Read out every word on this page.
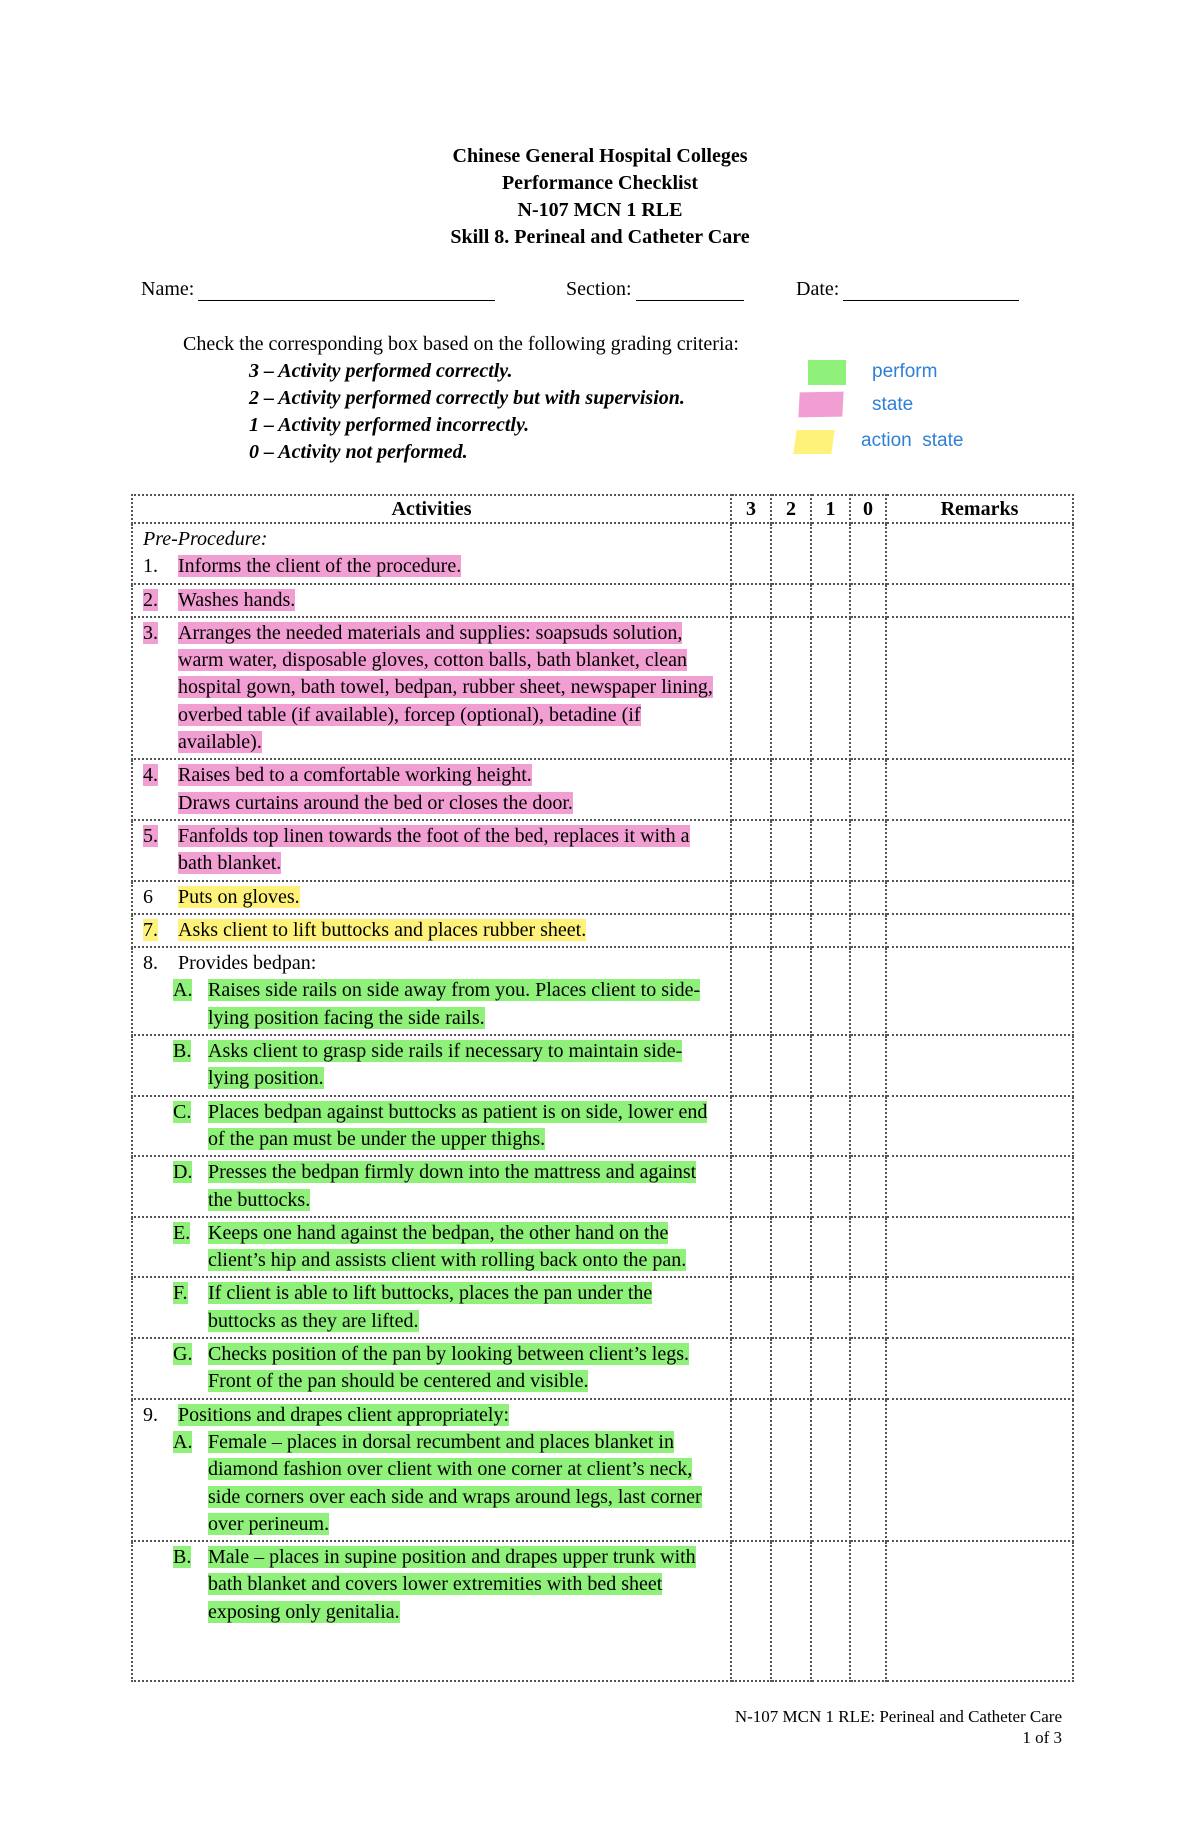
Chinese General Hospital Colleges
Performance Checklist
N-107 MCN 1 RLE
Skill 8. Perineal and Catheter Care
Name:	Section:	Date:
Check the corresponding box based on the following grading criteria:
3 – Activity performed correctly.
2 – Activity performed correctly but with supervision.
1 – Activity performed incorrectly.
0 – Activity not performed.
perform
state
action  state
Activities	3	2	1	0	Remarks

Pre-Procedure:
1. Informs the client of the procedure.					

2. Washes hands.					

3. Arranges the needed materials and supplies: soapsuds solution, warm water, disposable gloves, cotton balls, bath blanket, clean hospital gown, bath towel, bedpan, rubber sheet, newspaper lining, overbed table (if available), forcep (optional), betadine (if available).					

4. Raises bed to a comfortable working height.
Draws curtains around the bed or closes the door.					

5. Fanfolds top linen towards the foot of the bed, replaces it with a bath blanket.					

6 Puts on gloves.					

7. Asks client to lift buttocks and places rubber sheet.					

8. Provides bedpan:
A. Raises side rails on side away from you. Places client to side-lying position facing the side rails.					

B. Asks client to grasp side rails if necessary to maintain side-lying position.					

C. Places bedpan against buttocks as patient is on side, lower end of the pan must be under the upper thighs.					

D. Presses the bedpan firmly down into the mattress and against the buttocks.					

E. Keeps one hand against the bedpan, the other hand on the client’s hip and assists client with rolling back onto the pan.					

F. If client is able to lift buttocks, places the pan under the buttocks as they are lifted.					

G. Checks position of the pan by looking between client’s legs. Front of the pan should be centered and visible.					

9. Positions and drapes client appropriately:
A. Female – places in dorsal recumbent and places blanket in diamond fashion over client with one corner at client’s neck, side corners over each side and wraps around legs, last corner over perineum.					

B. Male – places in supine position and drapes upper trunk with bath blanket and covers lower extremities with bed sheet exposing only genitalia.					

N-107 MCN 1 RLE: Perineal and Catheter Care
1 of 3
